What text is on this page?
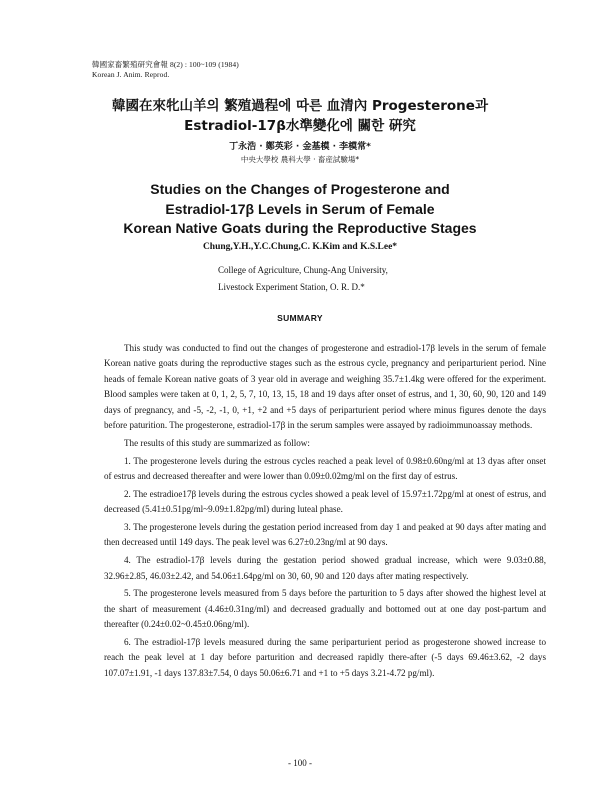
韓國家畜繁殖研究會報 8(2) : 100~109 (1984)
Korean J. Anim. Reprod.
韓國在來牝山羊의 繁殖過程에 따른 血清內 Progesterone과
Estradiol-17β水準變化에 關한 硏究
丁永浩 · 鄭英彩 · 金基模 · 李模常*
中央大學校 農科大學 · 畜産試驗場*
Studies on the Changes of Progesterone and
Estradiol-17β Levels in Serum of Female
Korean Native Goats during the Reproductive Stages
Chung,Y.H.,Y.C.Chung,C. K.Kim and K.S.Lee*
College of Agriculture, Chung-Ang University,
Livestock Experiment Station, O. R. D.*
SUMMARY

This study was conducted to find out the changes of progesterone and estradiol-17β levels in the serum of female Korean native goats during the reproductive stages such as the estrous cycle, pregnancy and periparturient period. Nine heads of female Korean native goats of 3 year old in average and weighing 35.7±1.4kg were offered for the experiment. Blood samples were taken at 0, 1, 2, 5, 7, 10, 13, 15, 18 and 19 days after onset of estrus, and 1, 30, 60, 90, 120 and 149 days of pregnancy, and -5, -2, -1, 0, +1, +2 and +5 days of periparturient period where minus figures denote the days before paturition. The progesterone, estradiol-17β in the serum samples were assayed by radioimmunoassay methods.

The results of this study are summarized as follow:

1. The progesterone levels during the estrous cycles reached a peak level of 0.98±0.60ng/ml at 13 dyas after onset of estrus and decreased thereafter and were lower than 0.09±0.02mg/ml on the first day of estrus.

2. The estradioe17β levels during the estrous cycles showed a peak level of 15.97±1.72pg/ml at onest of estrus, and decreased (5.41±0.51pg/ml~9.09±1.82pg/ml) during luteal phase.

3. The progesterone levels during the gestation period increased from day 1 and peaked at 90 days after mating and then decreased until 149 days. The peak level was 6.27±0.23ng/ml at 90 days.

4. The estradiol-17β levels during the gestation period showed gradual increase, which were 9.03±0.88, 32.96±2.85, 46.03±2.42, and 54.06±1.64pg/ml on 30, 60, 90 and 120 days after mating respectively.

5. The progesterone levels measured from 5 days before the parturition to 5 days after showed the highest level at the shart of measurement (4.46±0.31ng/ml) and decreased gradually and bottomed out at one day post-partum and thereafter (0.24±0.02~0.45±0.06ng/ml).

6. The estradiol-17β levels measured during the same periparturient period as progesterone showed increase to reach the peak level at 1 day before parturition and decreased rapidly there-after (-5 days 69.46±3.62, -2 days 107.07±1.91, -1 days 137.83±7.54, 0 days 50.06±6.71 and +1 to +5 days 3.21-4.72 pg/ml).

- 100 -
